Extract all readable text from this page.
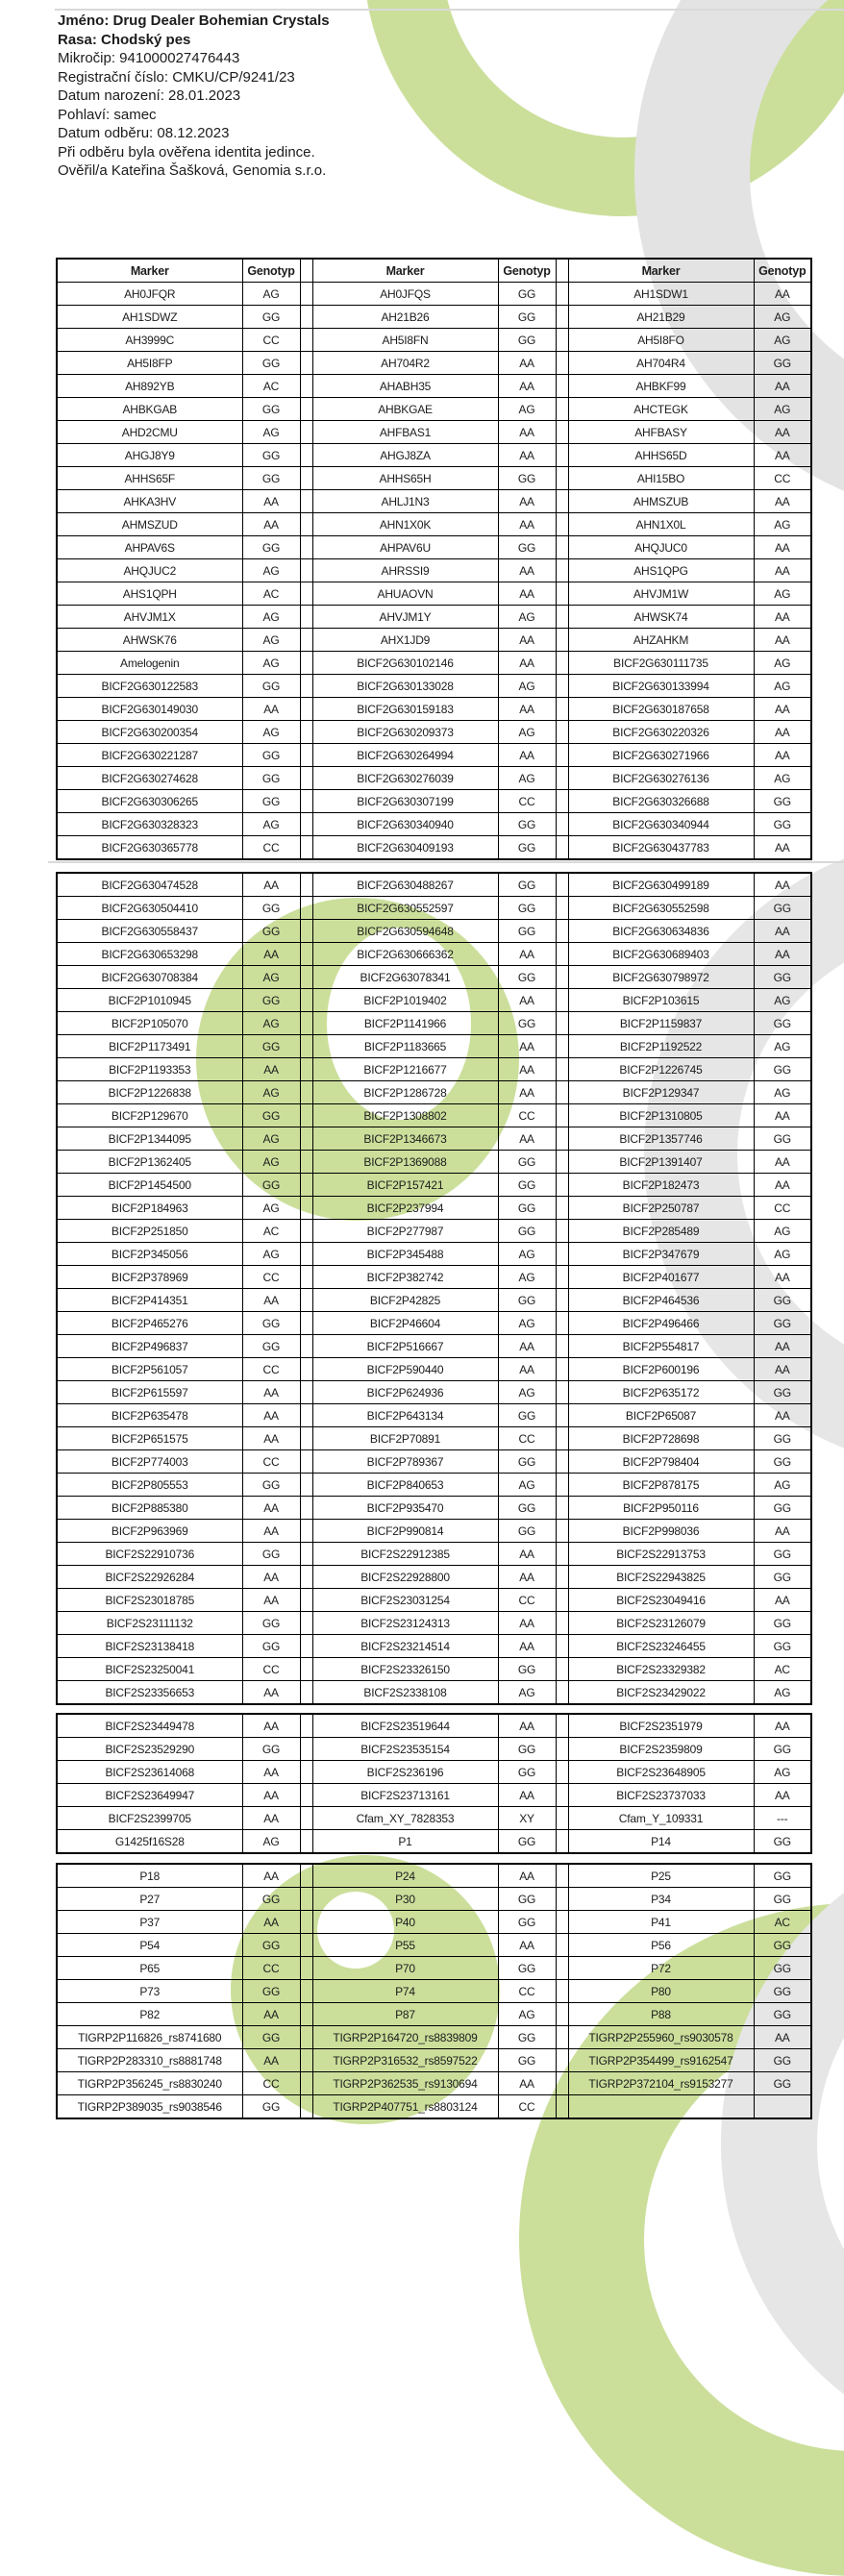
Jméno: Drug Dealer Bohemian Crystals
Rasa: Chodský pes
Mikročip: 941000027476443
Registrační číslo: CMKU/CP/9241/23
Datum narození: 28.01.2023
Pohlaví: samec
Datum odběru: 08.12.2023
Při odběru byla ověřena identita jedince.
Ověřil/a Kateřina Šašková, Genomia s.r.o.
Marker	Genotyp		Marker	Genotyp		Marker	Genotyp
AH0JFQR	AG		AH0JFQS	GG		AH1SDW1	AA
AH1SDWZ	GG		AH21B26	GG		AH21B29	AG
AH3999C	CC		AH5I8FN	GG		AH5I8FO	AG
AH5I8FP	GG		AH704R2	AA		AH704R4	GG
AH892YB	AC		AHABH35	AA		AHBKF99	AA
AHBKGAB	GG		AHBKGAE	AG		AHCTEGK	AG
AHD2CMU	AG		AHFBAS1	AA		AHFBASY	AA
AHGJ8Y9	GG		AHGJ8ZA	AA		AHHS65D	AA
AHHS65F	GG		AHHS65H	GG		AHI15BO	CC
AHKA3HV	AA		AHLJ1N3	AA		AHMSZUB	AA
AHMSZUD	AA		AHN1X0K	AA		AHN1X0L	AG
AHPAV6S	GG		AHPAV6U	GG		AHQJUC0	AA
AHQJUC2	AG		AHRSSI9	AA		AHS1QPG	AA
AHS1QPH	AC		AHUAOVN	AA		AHVJM1W	AG
AHVJM1X	AG		AHVJM1Y	AG		AHWSK74	AA
AHWSK76	AG		AHX1JD9	AA		AHZAHKM	AA
Amelogenin	AG		BICF2G630102146	AA		BICF2G630111735	AG
BICF2G630122583	GG		BICF2G630133028	AG		BICF2G630133994	AG
BICF2G630149030	AA		BICF2G630159183	AA		BICF2G630187658	AA
BICF2G630200354	AG		BICF2G630209373	AG		BICF2G630220326	AA
BICF2G630221287	GG		BICF2G630264994	AA		BICF2G630271966	AA
BICF2G630274628	GG		BICF2G630276039	AG		BICF2G630276136	AG
BICF2G630306265	GG		BICF2G630307199	CC		BICF2G630326688	GG
BICF2G630328323	AG		BICF2G630340940	GG		BICF2G630340944	GG
BICF2G630365778	CC		BICF2G630409193	GG		BICF2G630437783	AA
BICF2G630474528	AA		BICF2G630488267	GG		BICF2G630499189	AA
BICF2G630504410	GG		BICF2G630552597	GG		BICF2G630552598	GG
BICF2G630558437	GG		BICF2G630594648	GG		BICF2G630634836	AA
BICF2G630653298	AA		BICF2G630666362	AA		BICF2G630689403	AA
BICF2G630708384	AG		BICF2G63078341	GG		BICF2G630798972	GG
BICF2P1010945	GG		BICF2P1019402	AA		BICF2P103615	AG
BICF2P105070	AG		BICF2P1141966	GG		BICF2P1159837	GG
BICF2P1173491	GG		BICF2P1183665	AA		BICF2P1192522	AG
BICF2P1193353	AA		BICF2P1216677	AA		BICF2P1226745	GG
BICF2P1226838	AG		BICF2P1286728	AA		BICF2P129347	AG
BICF2P129670	GG		BICF2P1308802	CC		BICF2P1310805	AA
BICF2P1344095	AG		BICF2P1346673	AA		BICF2P1357746	GG
BICF2P1362405	AG		BICF2P1369088	GG		BICF2P1391407	AA
BICF2P1454500	GG		BICF2P157421	GG		BICF2P182473	AA
BICF2P184963	AG		BICF2P237994	GG		BICF2P250787	CC
BICF2P251850	AC		BICF2P277987	GG		BICF2P285489	AG
BICF2P345056	AG		BICF2P345488	AG		BICF2P347679	AG
BICF2P378969	CC		BICF2P382742	AG		BICF2P401677	AA
BICF2P414351	AA		BICF2P42825	GG		BICF2P464536	GG
BICF2P465276	GG		BICF2P46604	AG		BICF2P496466	GG
BICF2P496837	GG		BICF2P516667	AA		BICF2P554817	AA
BICF2P561057	CC		BICF2P590440	AA		BICF2P600196	AA
BICF2P615597	AA		BICF2P624936	AG		BICF2P635172	GG
BICF2P635478	AA		BICF2P643134	GG		BICF2P65087	AA
BICF2P651575	AA		BICF2P70891	CC		BICF2P728698	GG
BICF2P774003	CC		BICF2P789367	GG		BICF2P798404	GG
BICF2P805553	GG		BICF2P840653	AG		BICF2P878175	AG
BICF2P885380	AA		BICF2P935470	GG		BICF2P950116	GG
BICF2P963969	AA		BICF2P990814	GG		BICF2P998036	AA
BICF2S22910736	GG		BICF2S22912385	AA		BICF2S22913753	GG
BICF2S22926284	AA		BICF2S22928800	AA		BICF2S22943825	GG
BICF2S23018785	AA		BICF2S23031254	CC		BICF2S23049416	AA
BICF2S23111132	GG		BICF2S23124313	AA		BICF2S23126079	GG
BICF2S23138418	GG		BICF2S23214514	AA		BICF2S23246455	GG
BICF2S23250041	CC		BICF2S23326150	GG		BICF2S23329382	AC
BICF2S23356653	AA		BICF2S2338108	AG		BICF2S23429022	AG
BICF2S23449478	AA		BICF2S23519644	AA		BICF2S2351979	AA
BICF2S23529290	GG		BICF2S23535154	GG		BICF2S2359809	GG
BICF2S23614068	AA		BICF2S236196	GG		BICF2S23648905	AG
BICF2S23649947	AA		BICF2S23713161	AA		BICF2S23737033	AA
BICF2S2399705	AA		Cfam_XY_7828353	XY		Cfam_Y_109331	---
G1425f16S28	AG		P1	GG		P14	GG
P18	AA		P24	AA		P25	GG
P27	GG		P30	GG		P34	GG
P37	AA		P40	GG		P41	AC
P54	GG		P55	AA		P56	GG
P65	CC		P70	GG		P72	GG
P73	GG		P74	CC		P80	GG
P82	AA		P87	AG		P88	GG
TIGRP2P116826_rs8741680	GG		TIGRP2P164720_rs8839809	GG		TIGRP2P255960_rs9030578	AA
TIGRP2P283310_rs8881748	AA		TIGRP2P316532_rs8597522	GG		TIGRP2P354499_rs9162547	GG
TIGRP2P356245_rs8830240	CC		TIGRP2P362535_rs9130694	AA		TIGRP2P372104_rs9153277	GG
TIGRP2P389035_rs9038546	GG		TIGRP2P407751_rs8803124	CC			
